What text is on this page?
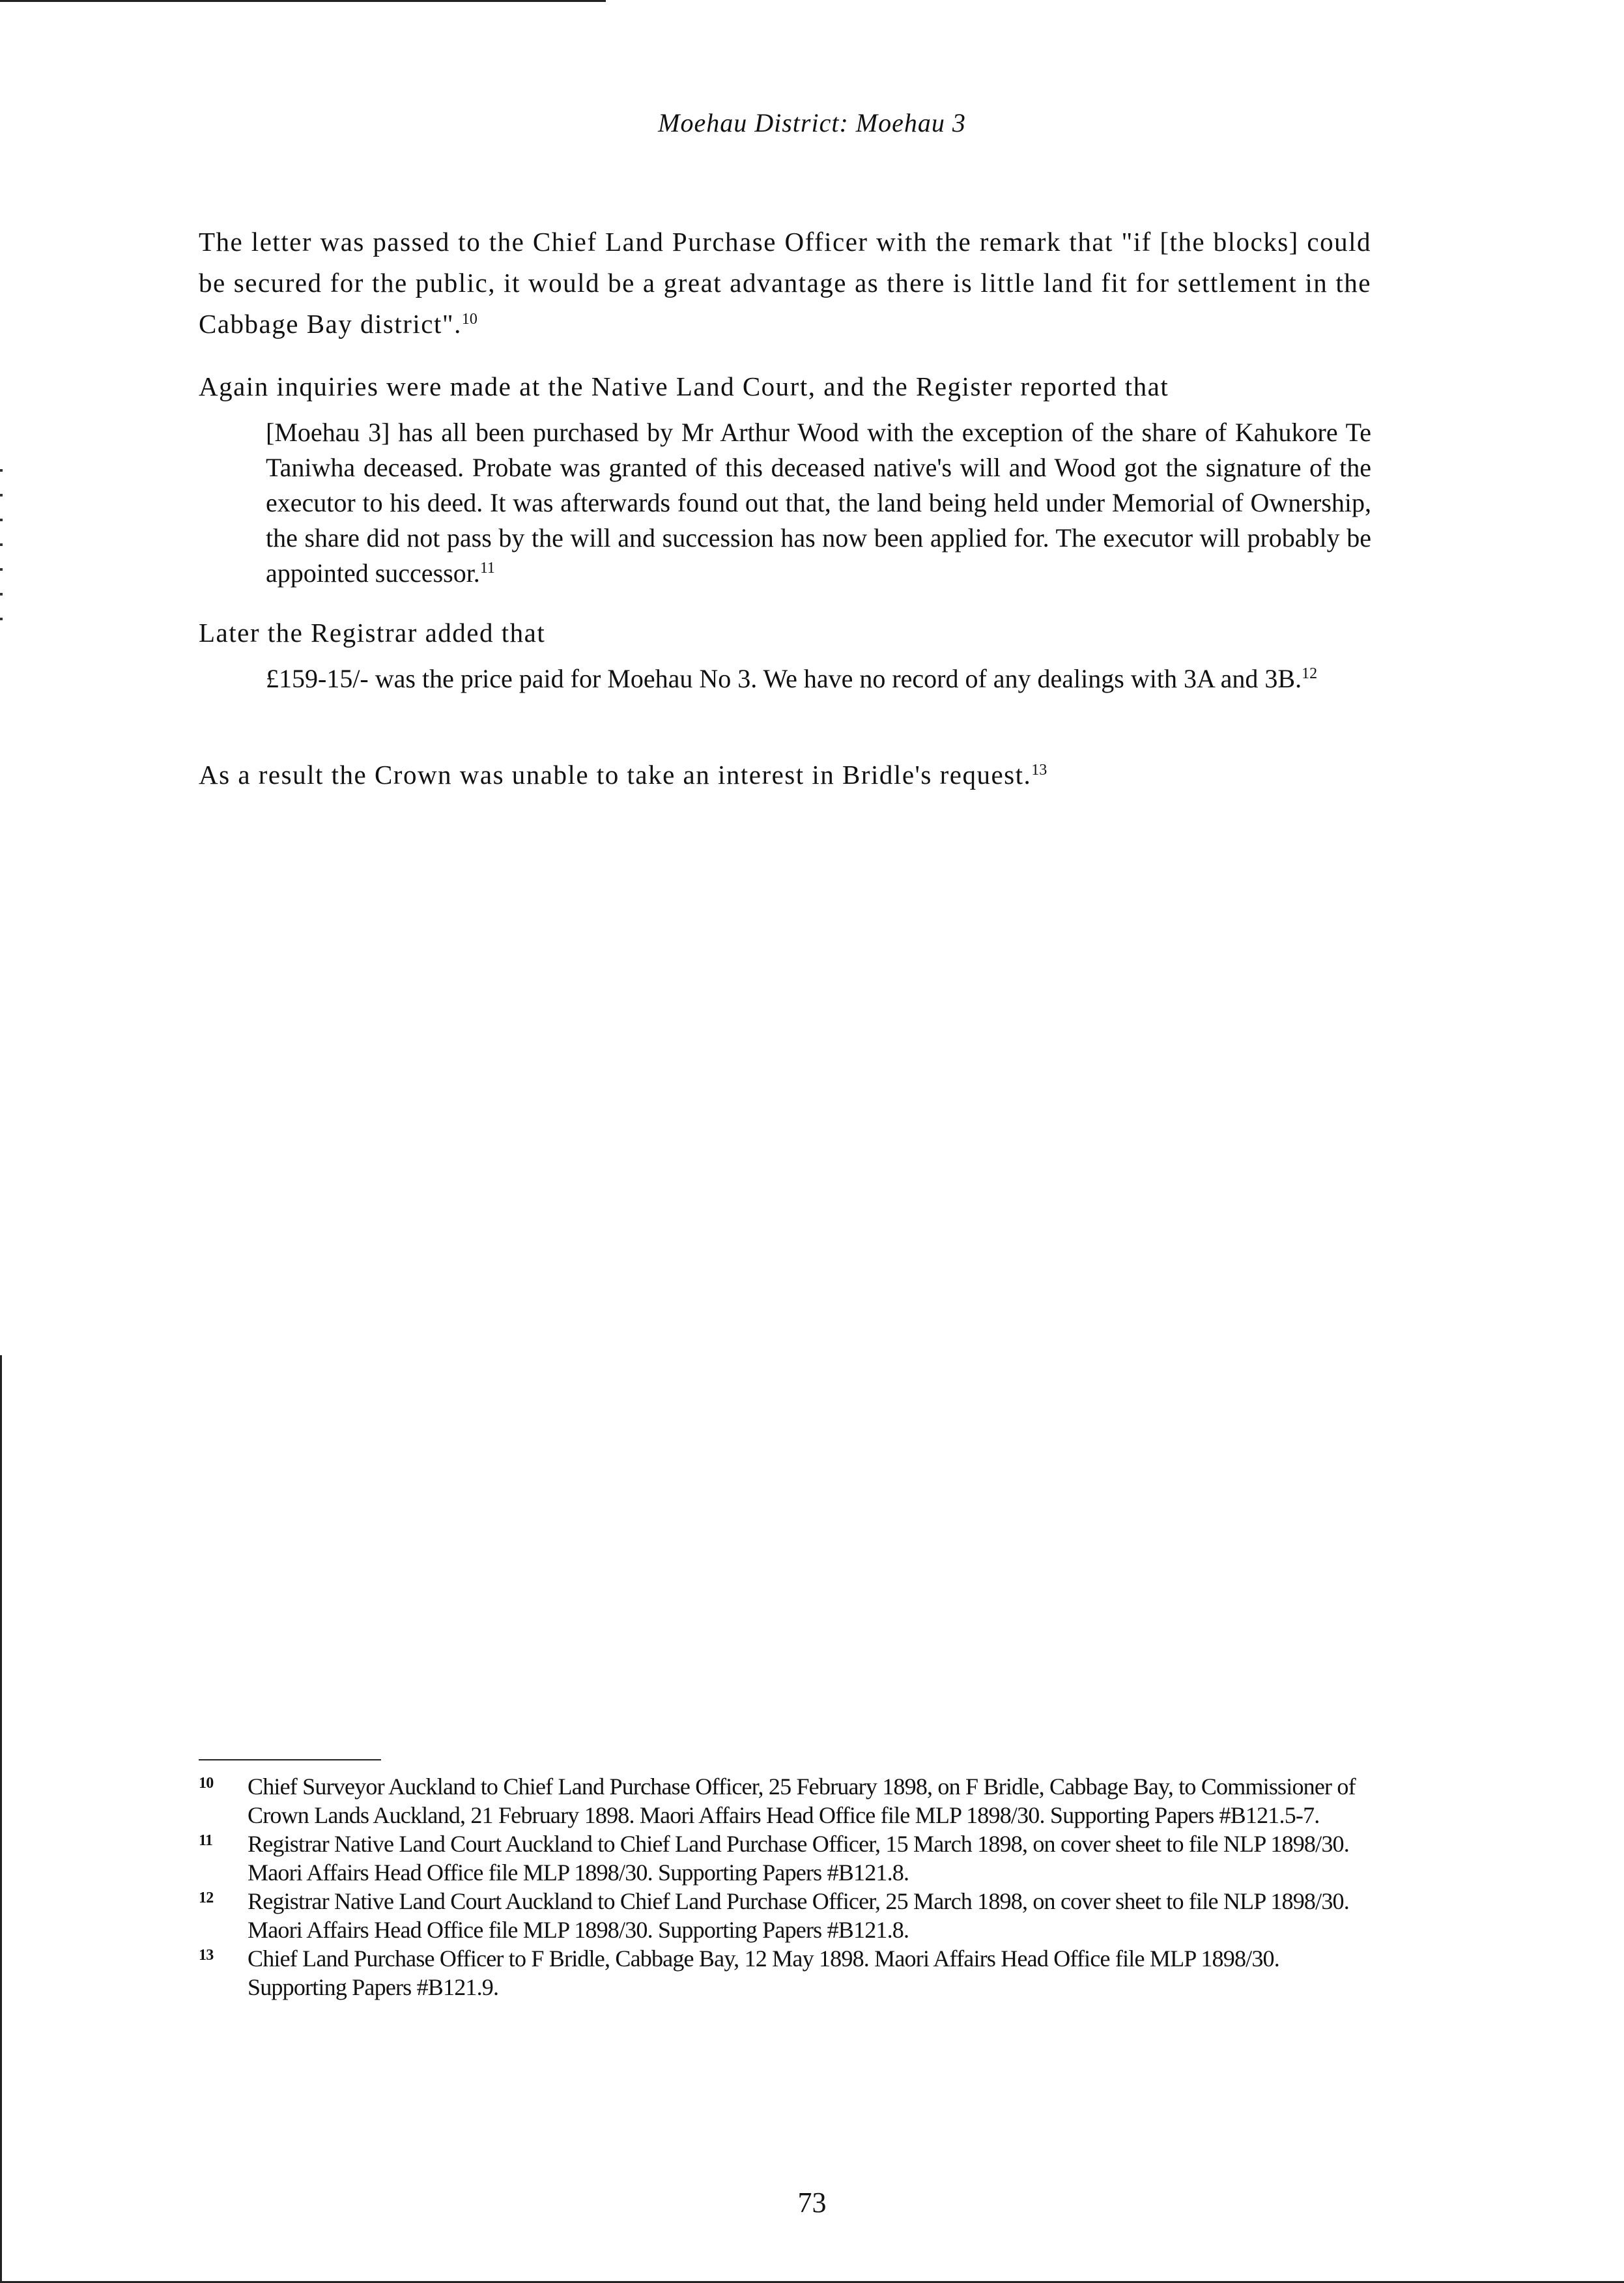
Moehau District: Moehau 3

The letter was passed to the Chief Land Purchase Officer with the remark that "if [the blocks] could be secured for the public, it would be a great advantage as there is little land fit for settlement in the Cabbage Bay district".$^{10}$

Again inquiries were made at the Native Land Court, and the Register reported that

[Moehau 3] has all been purchased by Mr Arthur Wood with the exception of the share of Kahukore Te Taniwha deceased. Probate was granted of this deceased native's will and Wood got the signature of the executor to his deed. It was afterwards found out that, the land being held under Memorial of Ownership, the share did not pass by the will and succession has now been applied for. The executor will probably be appointed successor.$^{11}$

Later the Registrar added that

£159-15/- was the price paid for Moehau No 3. We have no record of any dealings with 3A and 3B.$^{12}$

As a result the Crown was unable to take an interest in Bridle's request.$^{13}$

10 Chief Surveyor Auckland to Chief Land Purchase Officer, 25 February 1898, on F Bridle, Cabbage Bay, to Commissioner of Crown Lands Auckland, 21 February 1898. Maori Affairs Head Office file MLP 1898/30. Supporting Papers #B121.5-7.

11 Registrar Native Land Court Auckland to Chief Land Purchase Officer, 15 March 1898, on cover sheet to file NLP 1898/30. Maori Affairs Head Office file MLP 1898/30. Supporting Papers #B121.8.

12 Registrar Native Land Court Auckland to Chief Land Purchase Officer, 25 March 1898, on cover sheet to file NLP 1898/30. Maori Affairs Head Office file MLP 1898/30. Supporting Papers #B121.8.

13 Chief Land Purchase Officer to F Bridle, Cabbage Bay, 12 May 1898. Maori Affairs Head Office file MLP 1898/30. Supporting Papers #B121.9.

73
